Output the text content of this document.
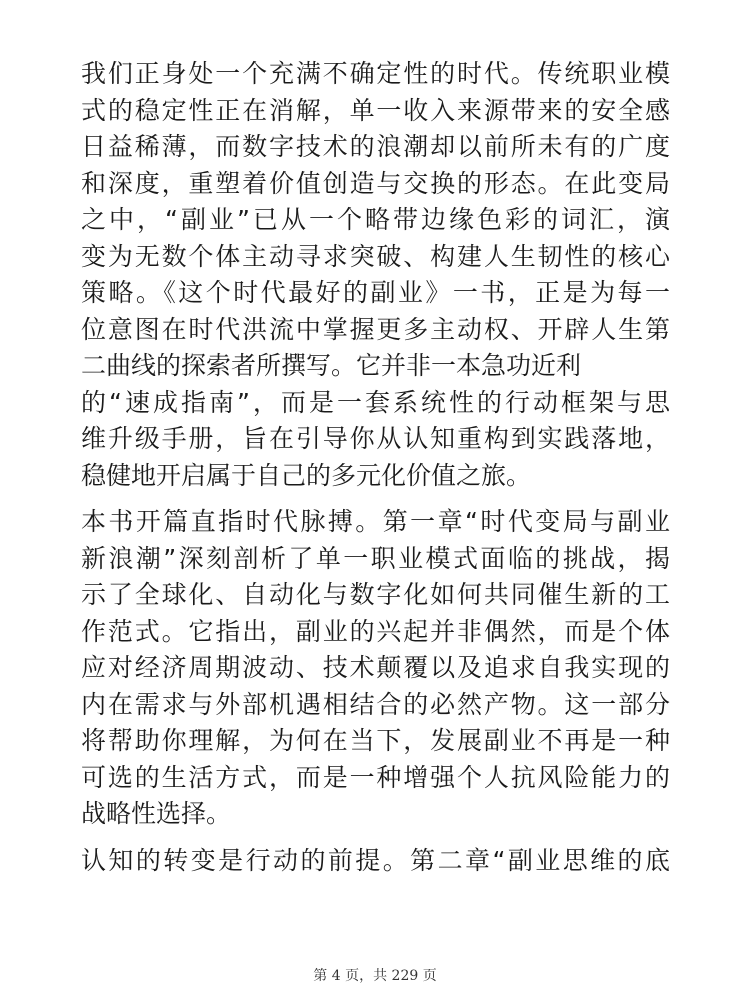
我们正身处一个充满不确定性的时代。传统职业模
式的稳定性正在消解，单一收入来源带来的安全感
日益稀薄，而数字技术的浪潮却以前所未有的广度
和深度，重塑着价值创造与交换的形态。在此变局
之中，“副业”已从一个略带边缘色彩的词汇，演
变为无数个体主动寻求突破、构建人生韧性的核心
策略。《这个时代最好的副业》一书，正是为每一
位意图在时代洪流中掌握更多主动权、开辟人生第
二曲线的探索者所撰写。它并非一本急功近利
的“速成指南”，而是一套系统性的行动框架与思
维升级手册，旨在引导你从认知重构到实践落地，
稳健地开启属于自己的多元化价值之旅。
本书开篇直指时代脉搏。第一章“时代变局与副业
新浪潮”深刻剖析了单一职业模式面临的挑战，揭
示了全球化、自动化与数字化如何共同催生新的工
作范式。它指出，副业的兴起并非偶然，而是个体
应对经济周期波动、技术颠覆以及追求自我实现的
内在需求与外部机遇相结合的必然产物。这一部分
将帮助你理解，为何在当下，发展副业不再是一种
可选的生活方式，而是一种增强个人抗风险能力的
战略性选择。
认知的转变是行动的前提。第二章“副业思维的底
第 4 页，共 229 页
